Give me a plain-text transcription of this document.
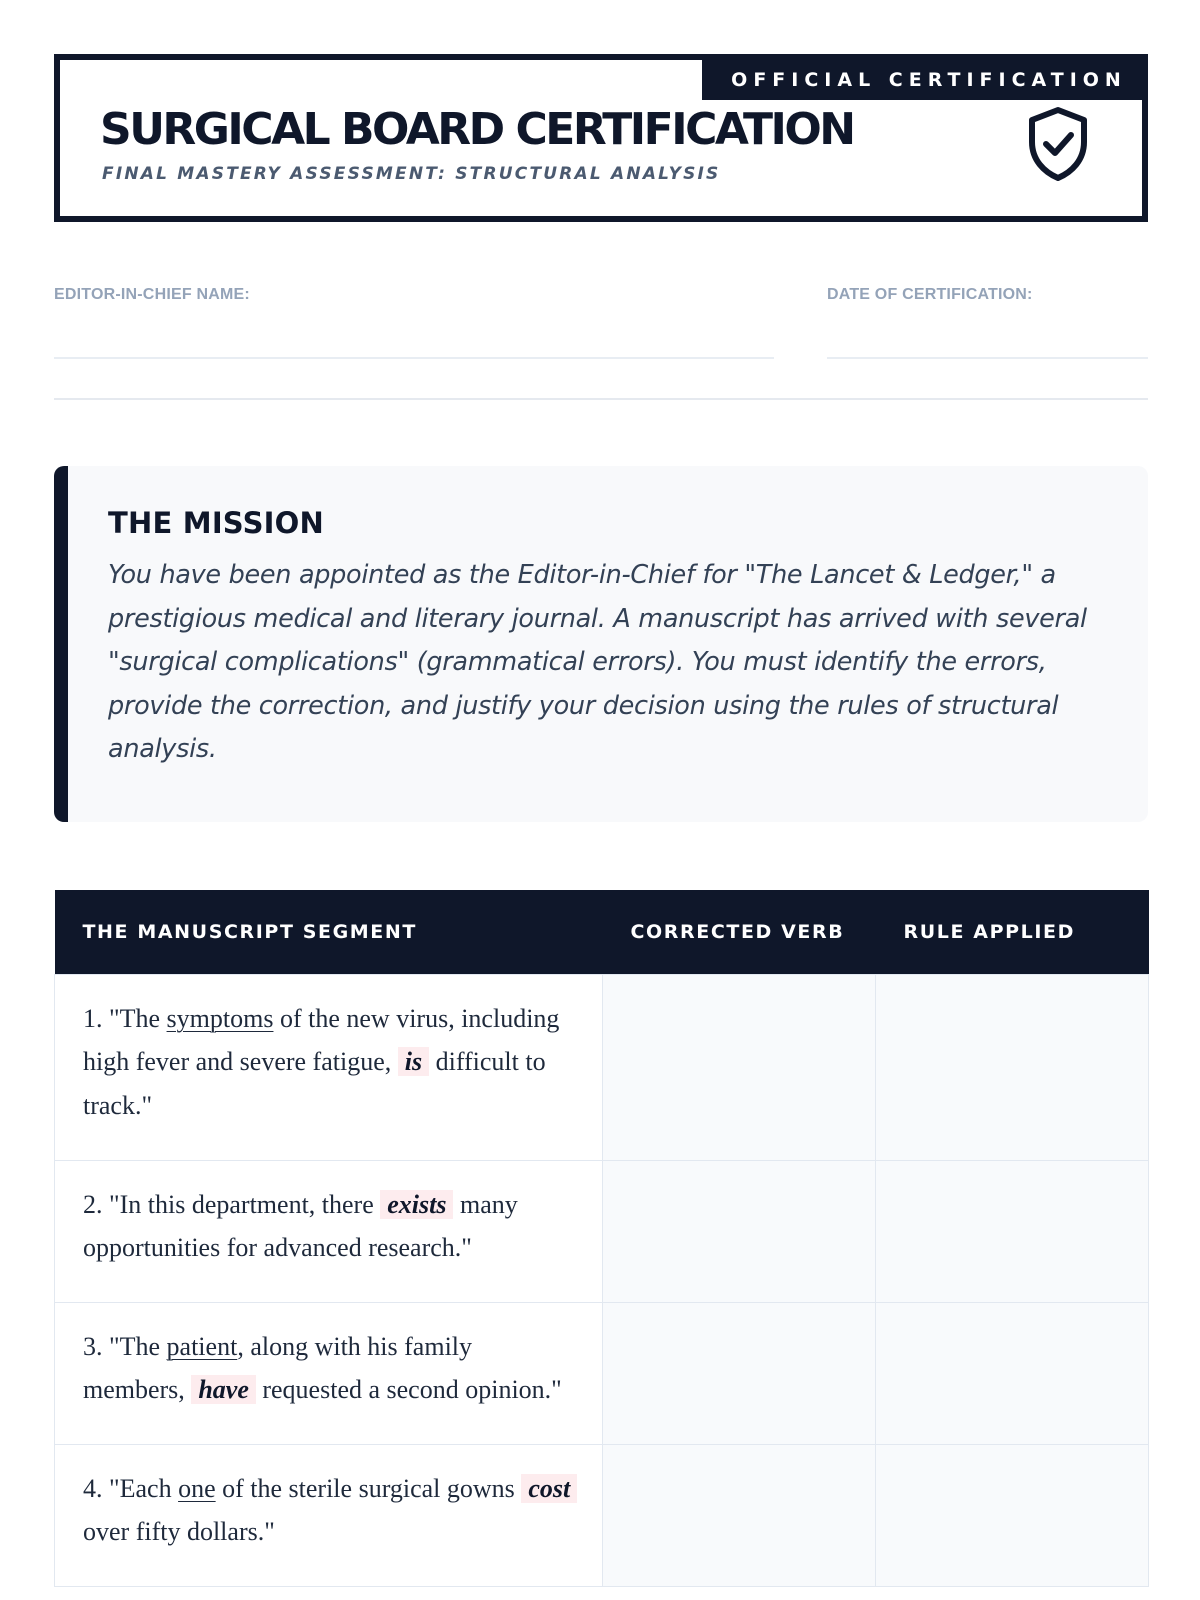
OFFICIAL CERTIFICATION
SURGICAL BOARD CERTIFICATION
FINAL MASTERY ASSESSMENT: STRUCTURAL ANALYSIS
EDITOR-IN-CHIEF NAME:	DATE OF CERTIFICATION:
THE MISSION

You have been appointed as the Editor-in-Chief for "The Lancet & Ledger," a prestigious medical and literary journal. A manuscript has arrived with several "surgical complications" (grammatical errors). You must identify the errors, provide the correction, and justify your decision using the rules of structural analysis.

THE MANUSCRIPT SEGMENT	CORRECTED VERB	RULE APPLIED
1. "The symptoms of the new virus, including high fever and severe fatigue, is difficult to track."		
2. "In this department, there exists many opportunities for advanced research."		
3. "The patient, along with his family members, have requested a second opinion."		
4. "Each one of the sterile surgical gowns cost over fifty dollars."		
